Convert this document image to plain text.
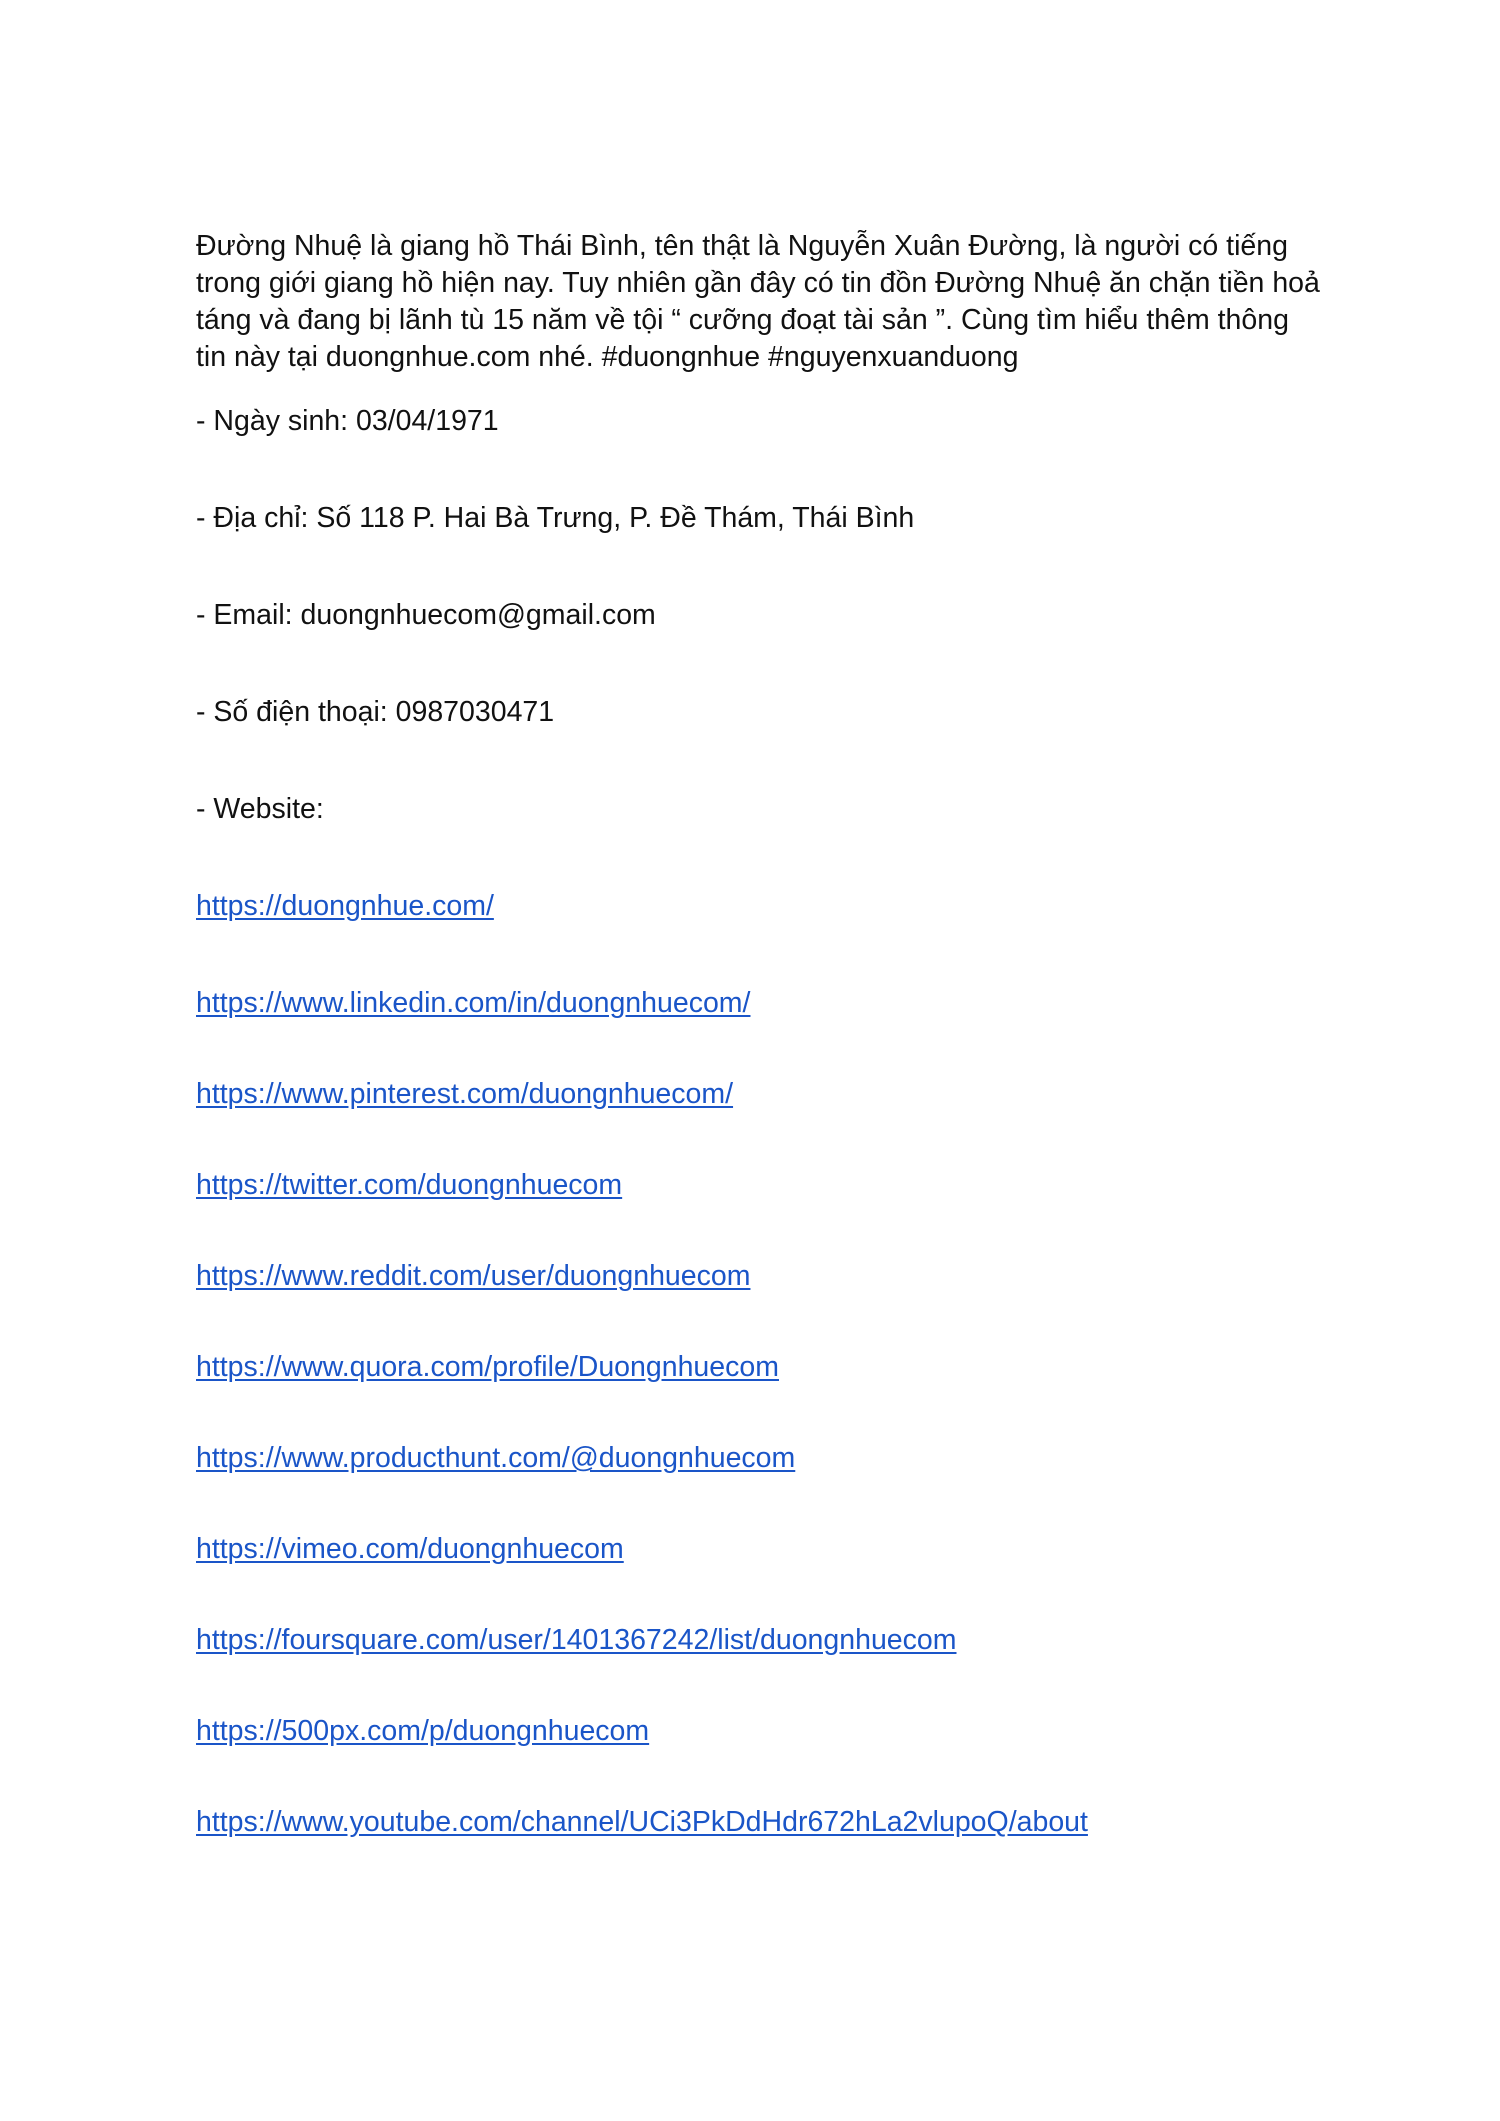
Đường Nhuệ là giang hồ Thái Bình, tên thật là Nguyễn Xuân Đường, là người có tiếng trong giới giang hồ hiện nay. Tuy nhiên gần đây có tin đồn Đường Nhuệ ăn chặn tiền hoả táng và đang bị lãnh tù 15 năm về tội “ cưỡng đoạt tài sản ”. Cùng tìm hiểu thêm thông tin này tại duongnhue.com nhé. #duongnhue #nguyenxuanduong

- Ngày sinh: 03/04/1971

- Địa chỉ: Số 118 P. Hai Bà Trưng, P. Đề Thám, Thái Bình

- Email: duongnhuecom@gmail.com

- Số điện thoại: 0987030471

- Website:

https://duongnhue.com/
https://www.linkedin.com/in/duongnhuecom/
https://www.pinterest.com/duongnhuecom/
https://twitter.com/duongnhuecom
https://www.reddit.com/user/duongnhuecom
https://www.quora.com/profile/Duongnhuecom
https://www.producthunt.com/@duongnhuecom
https://vimeo.com/duongnhuecom
https://foursquare.com/user/1401367242/list/duongnhuecom
https://500px.com/p/duongnhuecom
https://www.youtube.com/channel/UCi3PkDdHdr672hLa2vlupoQ/about
